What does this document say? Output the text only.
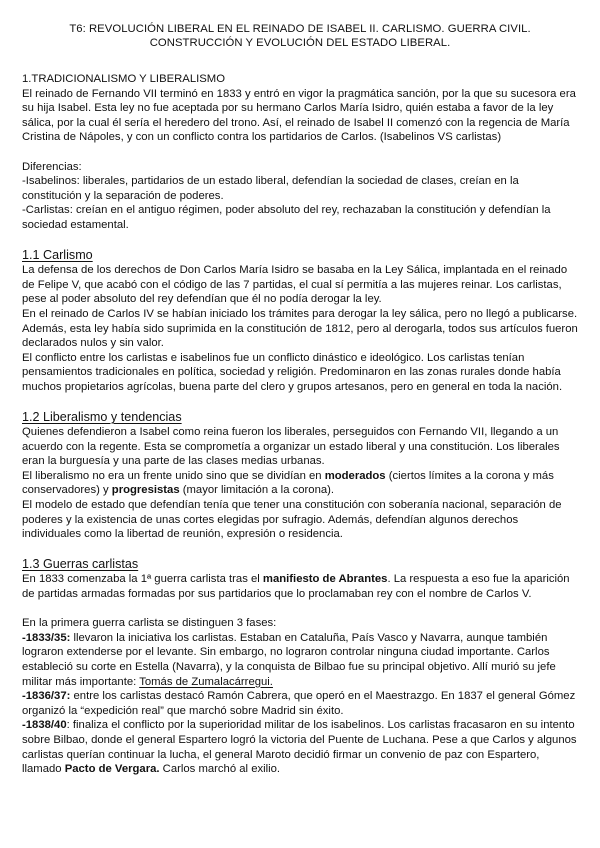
T6: REVOLUCIÓN LIBERAL EN EL REINADO DE ISABEL II. CARLISMO. GUERRA CIVIL. CONSTRUCCIÓN Y EVOLUCIÓN DEL ESTADO LIBERAL.
1.TRADICIONALISMO Y LIBERALISMO

El reinado de Fernando VII terminó en 1833 y entró en vigor la pragmática sanción, por la que su sucesora era su hija Isabel. Esta ley no fue aceptada por su hermano Carlos María Isidro, quién estaba a favor de la ley sálica, por la cual él sería el heredero del trono. Así, el reinado de Isabel II comenzó con la regencia de María Cristina de Nápoles, y con un conflicto contra los partidarios de Carlos. (Isabelinos VS carlistas)

Diferencias:

-Isabelinos: liberales, partidarios de un estado liberal, defendían la sociedad de clases, creían en la constitución y la separación de poderes.

-Carlistas: creían en el antiguo régimen, poder absoluto del rey, rechazaban la constitución y defendían la sociedad estamental.

1.1 Carlismo

La defensa de los derechos de Don Carlos María Isidro se basaba en la Ley Sálica, implantada en el reinado de Felipe V, que acabó con el código de las 7 partidas, el cual sí permitía a las mujeres reinar. Los carlistas, pese al poder absoluto del rey defendían que él no podía derogar la ley.

En el reinado de Carlos IV se habían iniciado los trámites para derogar la ley sálica, pero no llegó a publicarse. Además, esta ley había sido suprimida en la constitución de 1812, pero al derogarla, todos sus artículos fueron declarados nulos y sin valor.

El conflicto entre los carlistas e isabelinos fue un conflicto dinástico e ideológico. Los carlistas tenían pensamientos tradicionales en política, sociedad y religión. Predominaron en las zonas rurales donde había muchos propietarios agrícolas, buena parte del clero y grupos artesanos, pero en general en toda la nación.

1.2 Liberalismo y tendencias

Quienes defendieron a Isabel como reina fueron los liberales, perseguidos con Fernando VII, llegando a un acuerdo con la regente. Esta se comprometía a organizar un estado liberal y una constitución. Los liberales eran la burguesía y una parte de las clases medias urbanas.

El liberalismo no era un frente unido sino que se dividían en moderados (ciertos límites a la corona y más conservadores) y progresistas (mayor limitación a la corona).

El modelo de estado que defendían tenía que tener una constitución con soberanía nacional, separación de poderes y la existencia de unas cortes elegidas por sufragio. Además, defendían algunos derechos individuales como la libertad de reunión, expresión o residencia.

1.3 Guerras carlistas

En 1833 comenzaba la 1ª guerra carlista tras el manifiesto de Abrantes. La respuesta a eso fue la aparición de partidas armadas formadas por sus partidarios que lo proclamaban rey con el nombre de Carlos V.

En la primera guerra carlista se distinguen 3 fases:

-1833/35: llevaron la iniciativa los carlistas. Estaban en Cataluña, País Vasco y Navarra, aunque también lograron extenderse por el levante. Sin embargo, no lograron controlar ninguna ciudad importante. Carlos estableció su corte en Estella (Navarra), y la conquista de Bilbao fue su principal objetivo. Allí murió su jefe militar más importante: Tomás de Zumalacárregui.

-1836/37: entre los carlistas destacó Ramón Cabrera, que operó en el Maestrazgo. En 1837 el general Gómez organizó la “expedición real” que marchó sobre Madrid sin éxito.

-1838/40: finaliza el conflicto por la superioridad militar de los isabelinos. Los carlistas fracasaron en su intento sobre Bilbao, donde el general Espartero logró la victoria del Puente de Luchana. Pese a que Carlos y algunos carlistas querían continuar la lucha, el general Maroto decidió firmar un convenio de paz con Espartero, llamado Pacto de Vergara. Carlos marchó al exilio.
